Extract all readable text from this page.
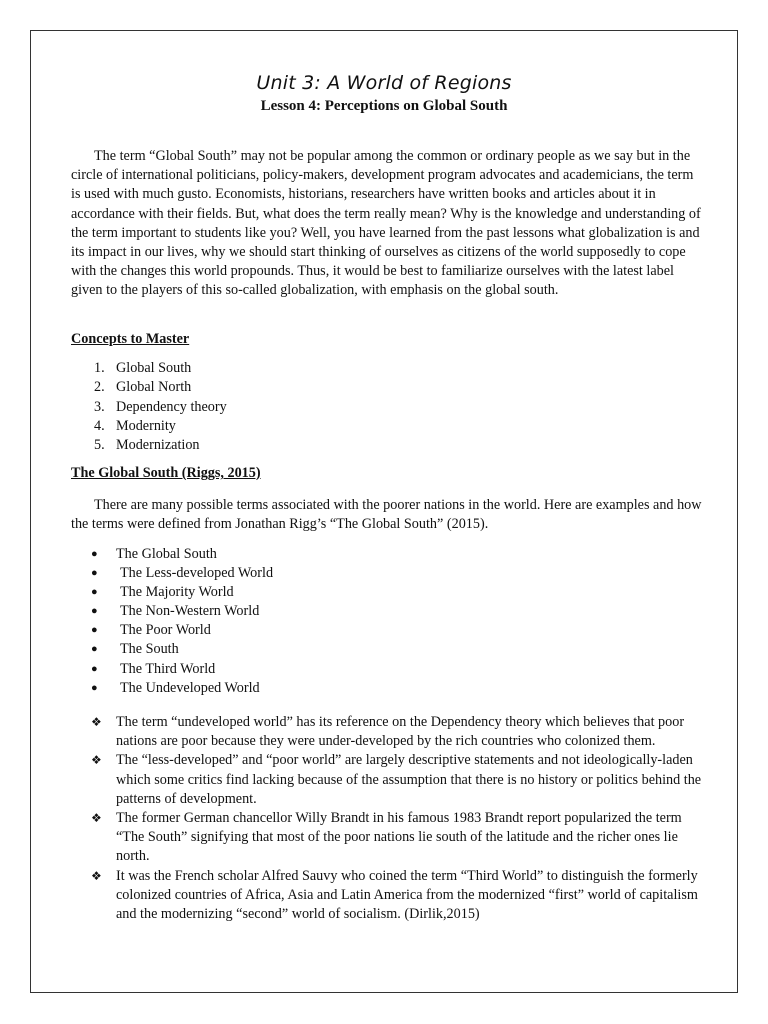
Unit 3: A World of Regions
Lesson 4: Perceptions on Global South

The term “Global South” may not be popular among the common or ordinary people as we say but in the circle of international politicians, policy-makers, development program advocates and academicians, the term is used with much gusto. Economists, historians, researchers have written books and articles about it in accordance with their fields. But, what does the term really mean? Why is the knowledge and understanding of the term important to students like you? Well, you have learned from the past lessons what globalization is and its impact in our lives, why we should start thinking of ourselves as citizens of the world supposedly to cope with the changes this world propounds. Thus, it would be best to familiarize ourselves with the latest label given to the players of this so-called globalization, with emphasis on the global south.

Concepts to Master

1. Global South
2. Global North
3. Dependency theory
4. Modernity
5. Modernization

The Global South (Riggs, 2015)

There are many possible terms associated with the poorer nations in the world. Here are examples and how the terms were defined from Jonathan Rigg’s “The Global South” (2015).

● The Global South
● The Less-developed World
● The Majority World
● The Non-Western World
● The Poor World
● The South
● The Third World
● The Undeveloped World
❖ The term “undeveloped world” has its reference on the Dependency theory which believes that poor nations are poor because they were under-developed by the rich countries who colonized them.
❖ The “less-developed” and “poor world” are largely descriptive statements and not ideologically-laden which some critics find lacking because of the assumption that there is no history or politics behind the patterns of development.
❖ The former German chancellor Willy Brandt in his famous 1983 Brandt report popularized the term “The South” signifying that most of the poor nations lie south of the latitude and the richer ones lie north.
❖ It was the French scholar Alfred Sauvy who coined the term “Third World” to distinguish the formerly colonized countries of Africa, Asia and Latin America from the modernized “first” world of capitalism and the modernizing “second” world of socialism. (Dirlik,2015)
